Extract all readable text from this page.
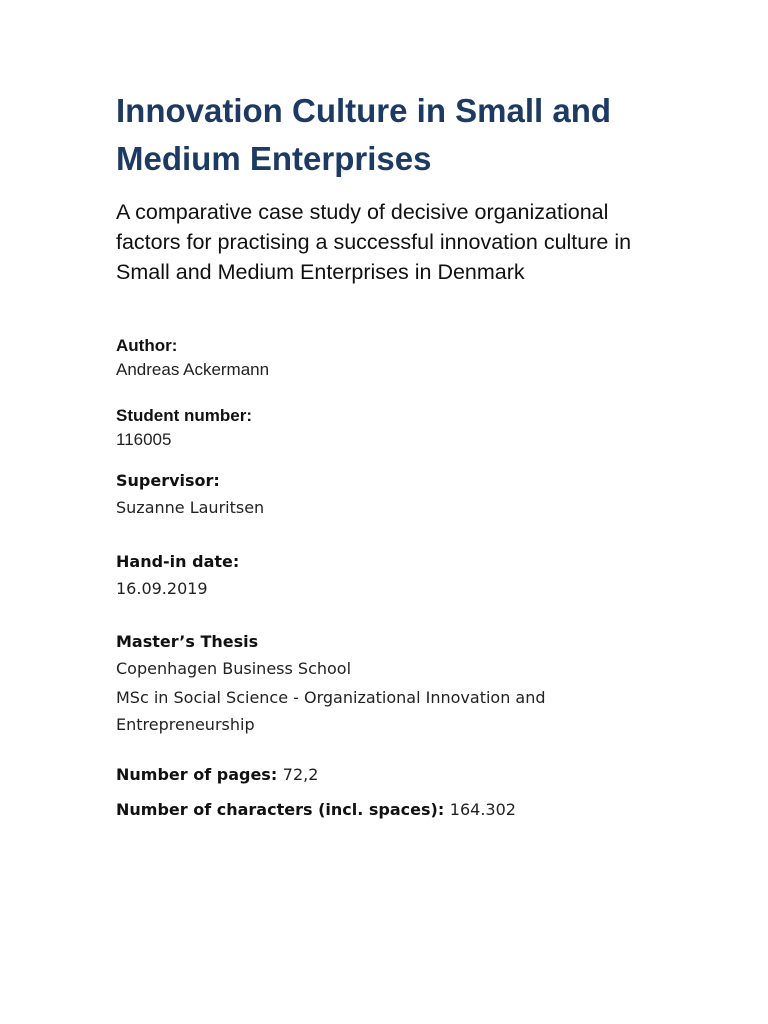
Innovation Culture in Small and Medium Enterprises

A comparative case study of decisive organizational factors for practising a successful innovation culture in Small and Medium Enterprises in Denmark

Author:
Andreas Ackermann
Student number:
116005
Supervisor:
Suzanne Lauritsen
Hand-in date:
16.09.2019
Master’s Thesis
Copenhagen Business School
MSc in Social Science - Organizational Innovation and Entrepreneurship
Number of pages: 72,2
Number of characters (incl. spaces): 164.302
